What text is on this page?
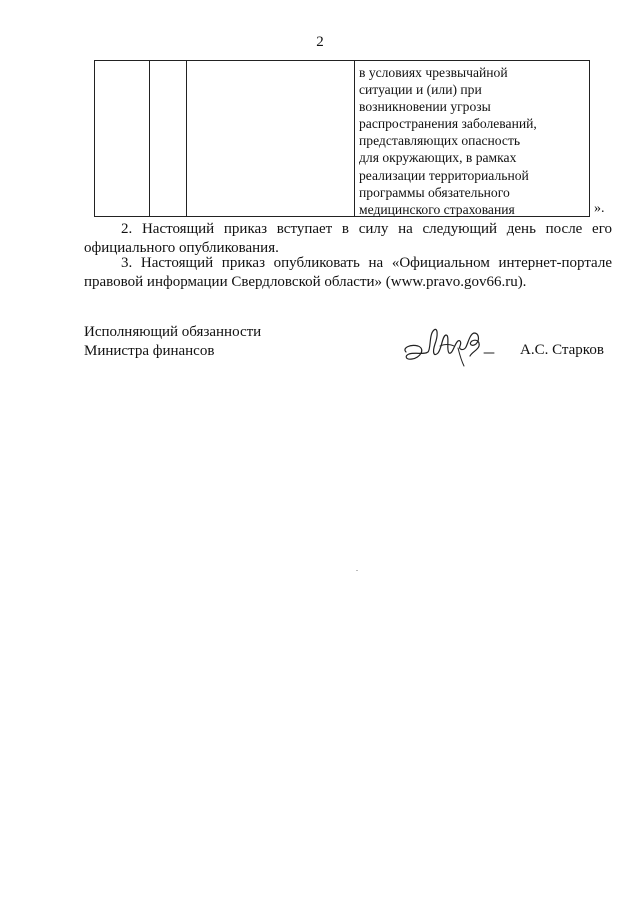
2
в условиях чрезвычайной
ситуации и (или) при
возникновении угрозы
распространения заболеваний,
представляющих опасность
для окружающих, в рамках
реализации территориальной
программы обязательного
медицинского страхования	».
2. Настоящий приказ вступает в силу на следующий день после его
официального опубликования.
3. Настоящий приказ опубликовать на «Официальном интернет-портале
правовой информации Свердловской области» (www.pravo.gov66.ru).
Исполняющий обязанности
Министра финансов	А.С. Старков
